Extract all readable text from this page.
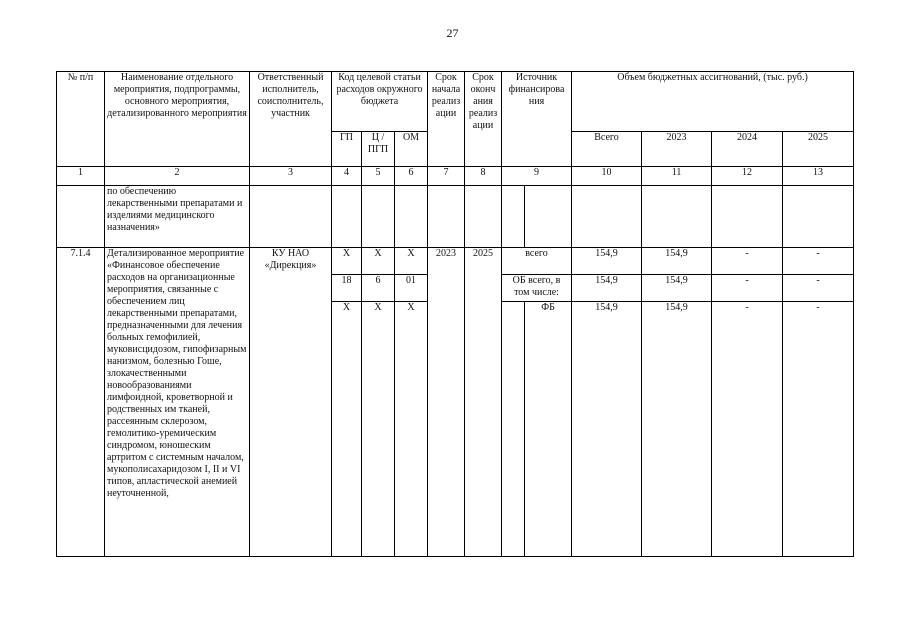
27
№ п/п	Наименование отдельного мероприятия, подпрограммы, основного мероприятия, детализированного мероприятия	Ответственный исполнитель, соисполнитель, участник	Код целевой статьи расходов окружного бюджета			Срок начала реализ ации	Срок оконч ания реализ ации	Источник финансирова ния		Объем бюджетных ассигнований, (тыс. руб.)			
			ГП	Ц / ПГП	ОМ					Всего	2023	2024	2025
1	2	3	4	5	6	7	8	9		10	11	12	13
	по обеспечению лекарственными препаратами и изделиями медицинского назначения»												
7.1.4	Детализированное мероприятие «Финансовое обеспечение расходов на организационные мероприятия, связанные с обеспечением лиц лекарственными препаратами, предназначенными для лечения больных гемофилией, муковисцидозом, гипофизарным нанизмом, болезнью Гоше, злокачественными новообразованиями лимфоидной, кроветворной и родственных им тканей, рассеянным склерозом, гемолитико-уремическим синдромом, юношеским артритом с системным началом, мукополисахаридозом I, II и VI типов, апластической анемией неуточненной,	КУ НАО «Дирекция»	X	X	X	2023	2025	всего		154,9	154,9	-	-
			18	6	01			ОБ всего, в том числе:		154,9	154,9	-	-
			X	X	X				ФБ	154,9	154,9	-	-
